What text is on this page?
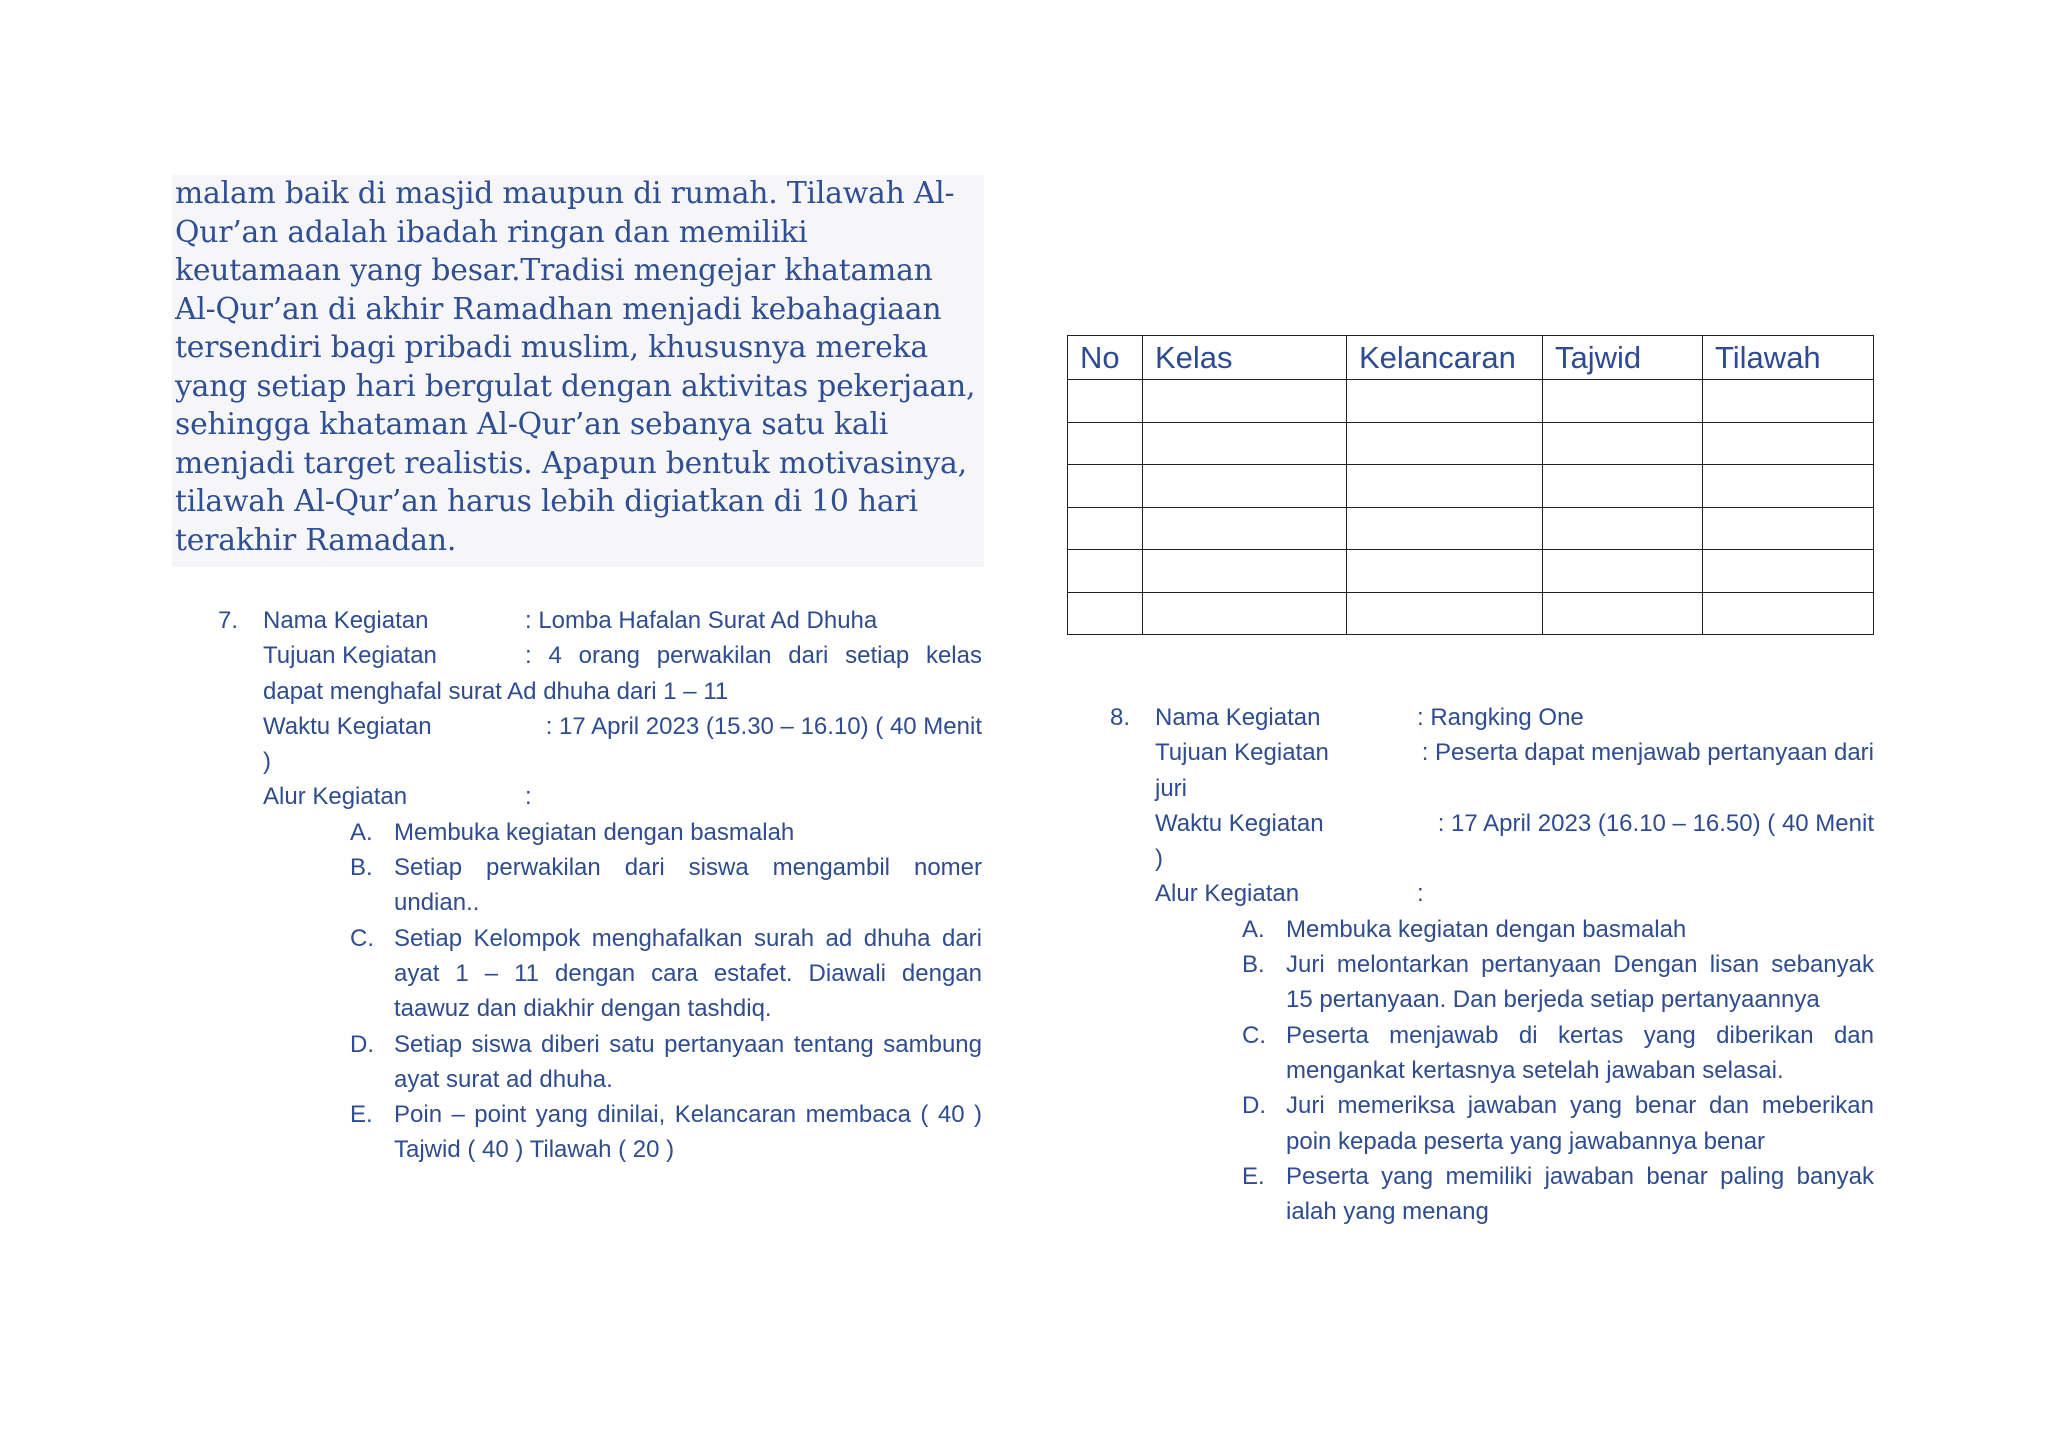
malam baik di masjid maupun di rumah. Tilawah Al-Qur’an adalah ibadah ringan dan memiliki keutamaan yang besar.Tradisi mengejar khataman Al-Qur’an di akhir Ramadhan menjadi kebahagiaan tersendiri bagi pribadi muslim, khususnya mereka yang setiap hari bergulat dengan aktivitas pekerjaan, sehingga khataman Al-Qur’an sebanya satu kali menjadi target realistis. Apapun bentuk motivasinya, tilawah Al-Qur’an harus lebih digiatkan di 10 hari terakhir Ramadan.

No	Kelas	Kelancaran	Tajwid	Tilawah

7. Nama Kegiatan	: Lomba Hafalan Surat Ad Dhuha
Tujuan Kegiatan	: 4 orang perwakilan dari setiap kelas
dapat menghafal surat Ad dhuha dari 1 – 11
Waktu Kegiatan	: 17 April 2023 (15.30 – 16.10) ( 40 Menit
)
Alur Kegiatan	:
A. Membuka kegiatan dengan basmalah
B. Setiap perwakilan dari siswa mengambil nomer undian..
C. Setiap Kelompok menghafalkan surah ad dhuha dari ayat 1 – 11 dengan cara estafet. Diawali dengan taawuz dan diakhir dengan tashdiq.
D. Setiap siswa diberi satu pertanyaan tentang sambung ayat surat ad dhuha.
E. Poin – point yang dinilai, Kelancaran membaca ( 40 ) Tajwid ( 40 ) Tilawah ( 20 )
8. Nama Kegiatan	: Rangking One
Tujuan Kegiatan	: Peserta dapat menjawab pertanyaan dari
juri
Waktu Kegiatan	: 17 April 2023 (16.10 – 16.50) ( 40 Menit
)
Alur Kegiatan	:
A. Membuka kegiatan dengan basmalah
B. Juri melontarkan pertanyaan Dengan lisan sebanyak 15 pertanyaan. Dan berjeda setiap pertanyaannya
C. Peserta menjawab di kertas yang diberikan dan mengankat kertasnya setelah jawaban selasai.
D. Juri memeriksa jawaban yang benar dan meberikan poin kepada peserta yang jawabannya benar
E. Peserta yang memiliki jawaban benar paling banyak ialah yang menang
